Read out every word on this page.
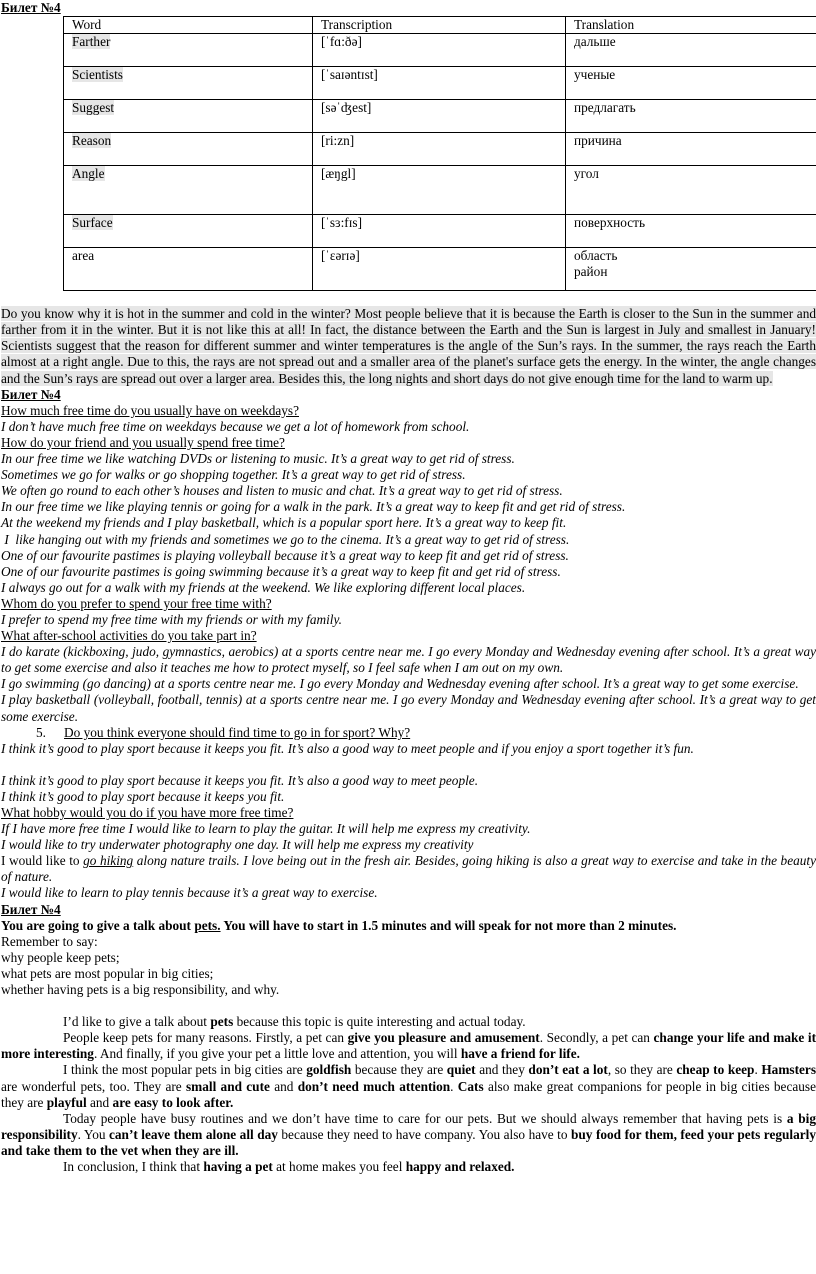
Билет №4

Word	Transcription	Translation
Farther	[ˈfɑ:ðə]	дальше
Scientists	[ˈsaɪəntɪst]	ученые
Suggest	[səˈʤest]	предлагать
Reason	[ri:zn]	причина
Angle	[æŋgl]	угол
Surface	[ˈsɜ:fɪs]	поверхность
area	[ˈɛərɪə]	область
район

Do you know why it is hot in the summer and cold in the winter? Most people believe that it is because the Earth is closer to the Sun in the summer and farther from it in the winter. But it is not like this at all! In fact, the distance between the Earth and the Sun is largest in July and smallest in January! Scientists suggest that the reason for different summer and winter temperatures is the angle of the Sun’s rays. In the summer, the rays reach the Earth almost at a right angle. Due to this, the rays are not spread out and a smaller area of the planet's surface gets the energy. In the winter, the angle changes and the Sun’s rays are spread out over a larger area. Besides this, the long nights and short days do not give enough time for the land to warm up.

Билет №4

How much free time do you usually have on weekdays?

I don’t have much free time on weekdays because we get a lot of homework from school.

How do your friend and you usually spend free time?

In our free time we like watching DVDs or listening to music. It’s a great way to get rid of stress.

Sometimes we go for walks or go shopping together. It’s a great way to get rid of stress.

We often go round to each other’s houses and listen to music and chat. It’s a great way to get rid of stress.

In our free time we like playing tennis or going for a walk in the park. It’s a great way to keep fit and get rid of stress.

At the weekend my friends and I play basketball, which is a popular sport here. It’s a great way to keep fit.

I  like hanging out with my friends and sometimes we go to the cinema. It’s a great way to get rid of stress.

One of our favourite pastimes is playing volleyball because it’s a great way to keep fit and get rid of stress.

One of our favourite pastimes is going swimming because it’s a great way to keep fit and get rid of stress.

I always go out for a walk with my friends at the weekend. We like exploring different local places.

Whom do you prefer to spend your free time with?

I prefer to spend my free time with my friends or with my family.

What after-school activities do you take part in?

I do karate (kickboxing, judo, gymnastics, aerobics) at a sports centre near me. I go every Monday and Wednesday evening after school. It’s a great way to get some exercise and also it teaches me how to protect myself, so I feel safe when I am out on my own.

I go swimming (go dancing) at a sports centre near me. I go every Monday and Wednesday evening after school. It’s a great way to get some exercise.

I play basketball (volleyball, football, tennis) at a sports centre near me. I go every Monday and Wednesday evening after school. It’s a great way to get some exercise.

5. Do you think everyone should find time to go in for sport? Why?

I think it’s good to play sport because it keeps you fit. It’s also a good way to meet people and if you enjoy a sport together it’s fun.

I think it’s good to play sport because it keeps you fit. It’s also a good way to meet people.

I think it’s good to play sport because it keeps you fit.

What hobby would you do if you have more free time?

If I have more free time I would like to learn to play the guitar. It will help me express my creativity.

I would like to try underwater photography one day. It will help me express my creativity

I would like to go hiking along nature trails. I love being out in the fresh air. Besides, going hiking is also a great way to exercise and take in the beauty of nature.

I would like to learn to play tennis because it’s a great way to exercise.

Билет №4

You are going to give a talk about pets. You will have to start in 1.5 minutes and will speak for not more than 2 minutes.

Remember to say:

why people keep pets;

what pets are most popular in big cities;

whether having pets is a big responsibility, and why.

I’d like to give a talk about pets because this topic is quite interesting and actual today.

People keep pets for many reasons. Firstly, a pet can give you pleasure and amusement. Secondly, a pet can change your life and make it more interesting. And finally, if you give your pet a little love and attention, you will have a friend for life.

I think the most popular pets in big cities are goldfish because they are quiet and they don’t eat a lot, so they are cheap to keep. Hamsters are wonderful pets, too. They are small and cute and don’t need much attention. Cats also make great companions for people in big cities because they are playful and are easy to look after.

Today people have busy routines and we don’t have time to care for our pets. But we should always remember that having pets is a big responsibility. You can’t leave them alone all day because they need to have company. You also have to buy food for them, feed your pets regularly and take them to the vet when they are ill.

In conclusion, I think that having a pet at home makes you feel happy and relaxed.
